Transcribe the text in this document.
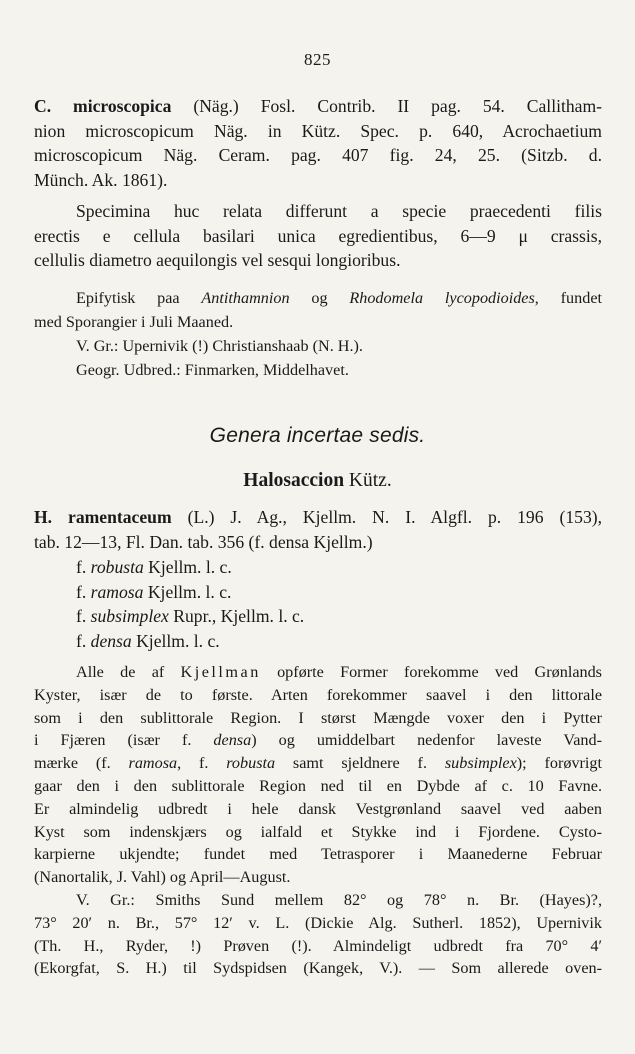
825
C. microscopica (Näg.) Fosl. Contrib. II pag. 54. Callitham-
nion microscopicum Näg. in Kütz. Spec. p. 640, Acrochaetium
microscopicum Näg. Ceram. pag. 407 fig. 24, 25. (Sitzb. d.
Münch. Ak. 1861).
Specimina huc relata differunt a specie praecedenti filis
erectis e cellula basilari unica egredientibus, 6—9 μ crassis,
cellulis diametro aequilongis vel sesqui longioribus.
Epifytisk paa Antithamnion og Rhodomela lycopodioides, fundet
med Sporangier i Juli Maaned.
V. Gr.: Upernivik (!) Christianshaab (N. H.).
Geogr. Udbred.: Finmarken, Middelhavet.
Genera incertae sedis.
Halosaccion Kütz.
H. ramentaceum (L.) J. Ag., Kjellm. N. I. Algfl. p. 196 (153),
tab. 12—13, Fl. Dan. tab. 356 (f. densa Kjellm.)
f. robusta Kjellm. l. c.
f. ramosa Kjellm. l. c.
f. subsimplex Rupr., Kjellm. l. c.
f. densa Kjellm. l. c.
Alle de af Kjellman opførte Former forekomme ved Grønlands
Kyster, især de to første. Arten forekommer saavel i den littorale
som i den sublittorale Region. I størst Mængde voxer den i Pytter
i Fjæren (især f. densa) og umiddelbart nedenfor laveste Vand-
mærke (f. ramosa, f. robusta samt sjeldnere f. subsimplex); forøvrigt
gaar den i den sublittorale Region ned til en Dybde af c. 10 Favne.
Er almindelig udbredt i hele dansk Vestgrønland saavel ved aaben
Kyst som indenskjærs og ialfald et Stykke ind i Fjordene. Cysto-
karpierne ukjendte; fundet med Tetrasporer i Maanederne Februar
(Nanortalik, J. Vahl) og April—August.
V. Gr.: Smiths Sund mellem 82° og 78° n. Br. (Hayes)?,
73° 20′ n. Br., 57° 12′ v. L. (Dickie Alg. Sutherl. 1852), Upernivik
(Th. H., Ryder, !) Prøven (!). Almindeligt udbredt fra 70° 4′
(Ekorgfat, S. H.) til Sydspidsen (Kangek, V.). — Som allerede oven-
